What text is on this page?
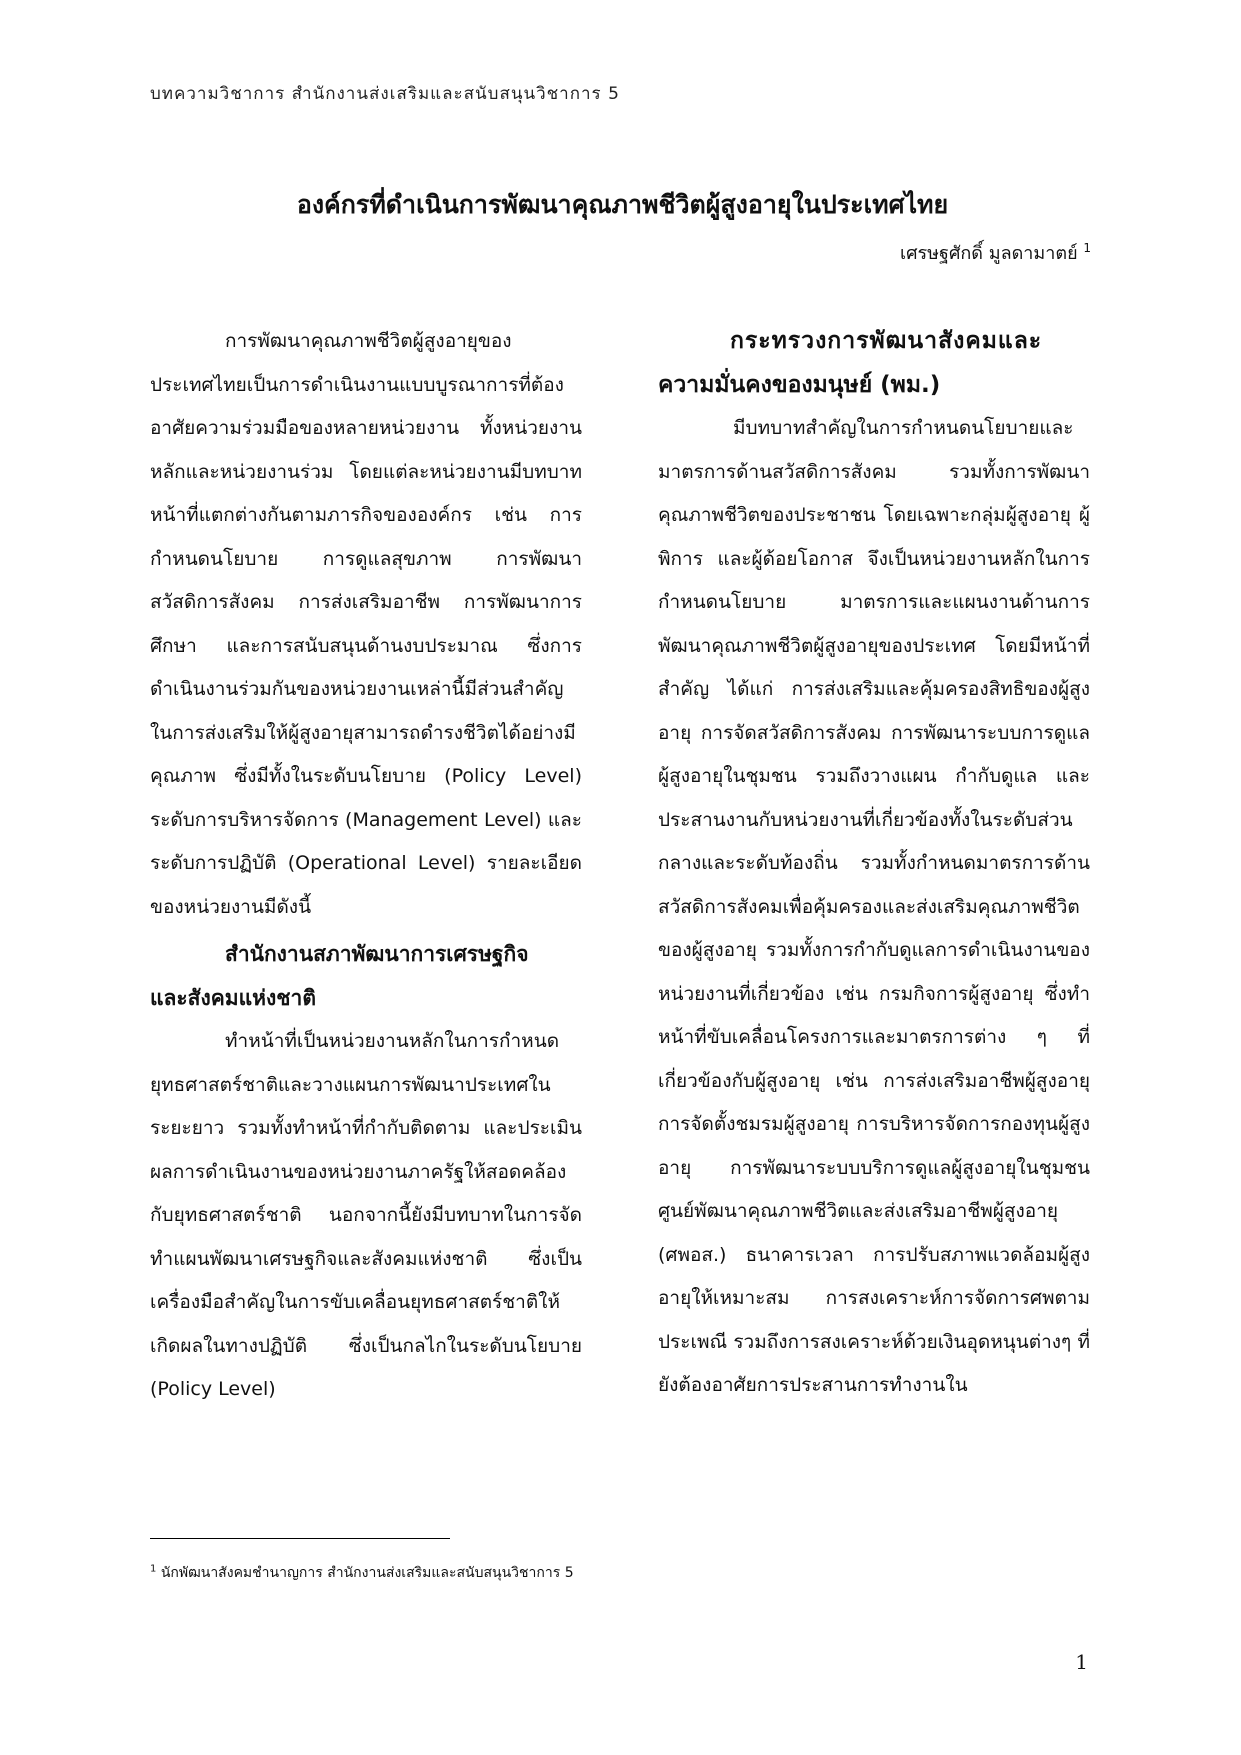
บทความวิชาการ สำนักงานส่งเสริมและสนับสนุนวิชาการ 5
องค์กรที่ดำเนินการพัฒนาคุณภาพชีวิตผู้สูงอายุในประเทศไทย
เศรษฐศักดิ์ มูลดามาตย์ $^1$

การพัฒนาคุณภาพชีวิตผู้สูงอายุของประเทศไทยเป็นการดำเนินงานแบบบูรณาการที่ต้องอาศัยความร่วมมือของหลายหน่วยงาน ทั้งหน่วยงานหลักและหน่วยงานร่วม โดยแต่ละหน่วยงานมีบทบาทหน้าที่แตกต่างกันตามภารกิจขององค์กร เช่น การกำหนดนโยบาย การดูแลสุขภาพ การพัฒนาสวัสดิการสังคม การส่งเสริมอาชีพ การพัฒนาการศึกษา และการสนับสนุนด้านงบประมาณ ซึ่งการดำเนินงานร่วมกันของหน่วยงานเหล่านี้มีส่วนสำคัญในการส่งเสริมให้ผู้สูงอายุสามารถดำรงชีวิตได้อย่างมีคุณภาพ ซึ่งมีทั้งในระดับนโยบาย (Policy Level) ระดับการบริหารจัดการ (Management Level) และระดับการปฏิบัติ (Operational Level) รายละเอียดของหน่วยงานมีดังนี้

สำนักงานสภาพัฒนาการเศรษฐกิจ
และสังคมแห่งชาติ

ทำหน้าที่เป็นหน่วยงานหลักในการกำหนดยุทธศาสตร์ชาติและวางแผนการพัฒนาประเทศในระยะยาว รวมทั้งทำหน้าที่กำกับติดตาม และประเมินผลการดำเนินงานของหน่วยงานภาครัฐให้สอดคล้องกับยุทธศาสตร์ชาติ นอกจากนี้ยังมีบทบาทในการจัดทำแผนพัฒนาเศรษฐกิจและสังคมแห่งชาติ ซึ่งเป็นเครื่องมือสำคัญในการขับเคลื่อนยุทธศาสตร์ชาติให้เกิดผลในทางปฏิบัติ ซึ่งเป็นกลไกในระดับนโยบาย (Policy Level)

กระทรวงการพัฒนาสังคมและ
ความมั่นคงของมนุษย์ (พม.)

มีบทบาทสำคัญในการกำหนดนโยบายและมาตรการด้านสวัสดิการสังคม รวมทั้งการพัฒนาคุณภาพชีวิตของประชาชน โดยเฉพาะกลุ่มผู้สูงอายุ ผู้พิการ และผู้ด้อยโอกาส จึงเป็นหน่วยงานหลักในการกำหนดนโยบาย มาตรการและแผนงานด้านการพัฒนาคุณภาพชีวิตผู้สูงอายุของประเทศ โดยมีหน้าที่สำคัญ ได้แก่ การส่งเสริมและคุ้มครองสิทธิของผู้สูงอายุ การจัดสวัสดิการสังคม การพัฒนาระบบการดูแลผู้สูงอายุในชุมชน รวมถึงวางแผน กำกับดูแล และประสานงานกับหน่วยงานที่เกี่ยวข้องทั้งในระดับส่วนกลางและระดับท้องถิ่น รวมทั้งกำหนดมาตรการด้านสวัสดิการสังคมเพื่อคุ้มครองและส่งเสริมคุณภาพชีวิตของผู้สูงอายุ รวมทั้งการกำกับดูแลการดำเนินงานของหน่วยงานที่เกี่ยวข้อง เช่น กรมกิจการผู้สูงอายุ ซึ่งทำหน้าที่ขับเคลื่อนโครงการและมาตรการต่าง ๆ ที่เกี่ยวข้องกับผู้สูงอายุ เช่น การส่งเสริมอาชีพผู้สูงอายุ การจัดตั้งชมรมผู้สูงอายุ การบริหารจัดการกองทุนผู้สูงอายุ การพัฒนาระบบบริการดูแลผู้สูงอายุในชุมชน ศูนย์พัฒนาคุณภาพชีวิตและส่งเสริมอาชีพผู้สูงอายุ (ศพอส.) ธนาคารเวลา การปรับสภาพแวดล้อมผู้สูงอายุให้เหมาะสม การสงเคราะห์การจัดการศพตามประเพณี รวมถึงการสงเคราะห์ด้วยเงินอุดหนุนต่างๆ ที่ยังต้องอาศัยการประสานการทำงานใน

$^1$ นักพัฒนาสังคมชำนาญการ สำนักงานส่งเสริมและสนับสนุนวิชาการ 5
1
